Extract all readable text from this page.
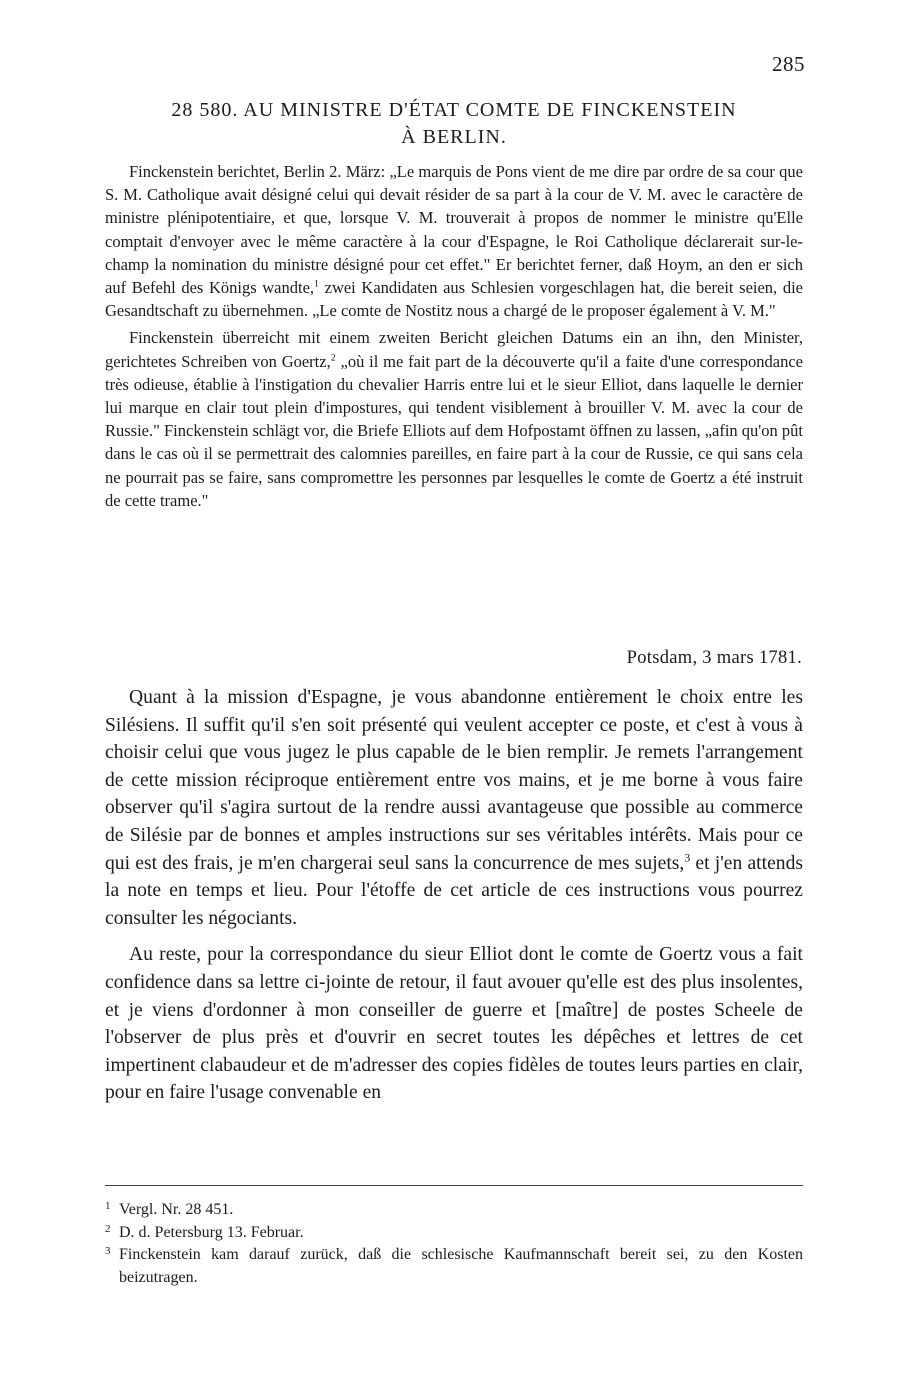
285
28 580. AU MINISTRE D'ÉTAT COMTE DE FINCKENSTEIN
À BERLIN.

Finckenstein berichtet, Berlin 2. März: „Le marquis de Pons vient de me dire par ordre de sa cour que S. M. Catholique avait désigné celui qui devait résider de sa part à la cour de V. M. avec le caractère de ministre plénipotentiaire, et que, lorsque V. M. trouverait à propos de nommer le ministre qu'Elle comptait d'envoyer avec le même caractère à la cour d'Espagne, le Roi Catholique déclarerait sur-le-champ la nomination du ministre désigné pour cet effet." Er berichtet ferner, daß Hoym, an den er sich auf Befehl des Königs wandte,$^1$ zwei Kandidaten aus Schlesien vorgeschlagen hat, die bereit seien, die Gesandtschaft zu übernehmen. „Le comte de Nostitz nous a chargé de le proposer également à V. M."

Finckenstein überreicht mit einem zweiten Bericht gleichen Datums ein an ihn, den Minister, gerichtetes Schreiben von Goertz,$^2$ „où il me fait part de la découverte qu'il a faite d'une correspondance très odieuse, établie à l'instigation du chevalier Harris entre lui et le sieur Elliot, dans laquelle le dernier lui marque en clair tout plein d'impostures, qui tendent visiblement à brouiller V. M. avec la cour de Russie." Finckenstein schlägt vor, die Briefe Elliots auf dem Hofpostamt öffnen zu lassen, „afin qu'on pût dans le cas où il se permettrait des calomnies pareilles, en faire part à la cour de Russie, ce qui sans cela ne pourrait pas se faire, sans compromettre les personnes par lesquelles le comte de Goertz a été instruit de cette trame."

Potsdam, 3 mars 1781.

Quant à la mission d'Espagne, je vous abandonne entièrement le choix entre les Silésiens. Il suffit qu'il s'en soit présenté qui veulent accepter ce poste, et c'est à vous à choisir celui que vous jugez le plus capable de le bien remplir. Je remets l'arrangement de cette mission réciproque entièrement entre vos mains, et je me borne à vous faire observer qu'il s'agira surtout de la rendre aussi avantageuse que possible au commerce de Silésie par de bonnes et amples instructions sur ses véritables intérêts. Mais pour ce qui est des frais, je m'en chargerai seul sans la concurrence de mes sujets,$^3$ et j'en attends la note en temps et lieu. Pour l'étoffe de cet article de ces instructions vous pourrez consulter les négociants.

Au reste, pour la correspondance du sieur Elliot dont le comte de Goertz vous a fait confidence dans sa lettre ci-jointe de retour, il faut avouer qu'elle est des plus insolentes, et je viens d'ordonner à mon conseiller de guerre et [maître] de postes Scheele de l'observer de plus près et d'ouvrir en secret toutes les dépêches et lettres de cet impertinent clabaudeur et de m'adresser des copies fidèles de toutes leurs parties en clair, pour en faire l'usage convenable en

1 Vergl. Nr. 28 451.
2 D. d. Petersburg 13. Februar.
3 Finckenstein kam darauf zurück, daß die schlesische Kaufmannschaft bereit sei, zu den Kosten beizutragen.
